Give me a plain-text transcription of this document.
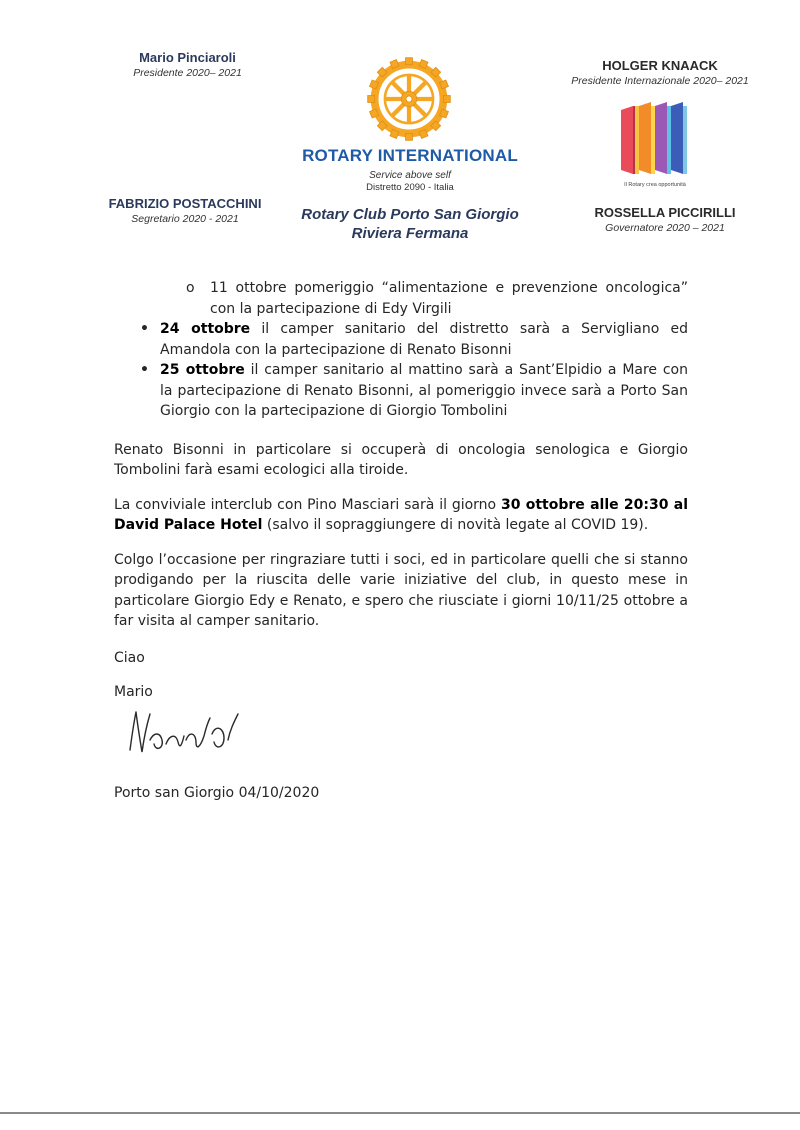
Mario Pinciaroli
Presidente 2020– 2021	HOLGER KNAACK
Presidente Internazionale 2020– 2021
FABRIZIO POSTACCHINI
Segretario 2020 - 2021	ROSSELLA PICCIRILLI
Governatore 2020 – 2021
ROTARY INTERNATIONAL
Service above self
Distretto 2090 - Italia
Rotary Club Porto San Giorgio
Riviera Fermana
Il Rotary crea opportunità
o 11 ottobre pomeriggio “alimentazione e prevenzione oncologica” con la partecipazione di Edy Virgili
• 24 ottobre il camper sanitario del distretto sarà a Servigliano ed Amandola con la partecipazione di Renato Bisonni
• 25 ottobre il camper sanitario al mattino sarà a Sant’Elpidio a Mare con la partecipazione di Renato Bisonni, al pomeriggio invece sarà a Porto San Giorgio con la partecipazione di Giorgio Tombolini

Renato Bisonni in particolare si occuperà di oncologia senologica e Giorgio Tombolini farà esami ecologici alla tiroide.

La conviviale interclub con Pino Masciari sarà il giorno 30 ottobre alle 20:30 al David Palace Hotel (salvo il sopraggiungere di novità legate al COVID 19).

Colgo l’occasione per ringraziare tutti i soci, ed in particolare quelli che si stanno prodigando per la riuscita delle varie iniziative del club, in questo mese in particolare Giorgio Edy e Renato, e spero che riusciate i giorni 10/11/25 ottobre a far visita al camper sanitario.

Ciao

Mario

Porto san Giorgio 04/10/2020
